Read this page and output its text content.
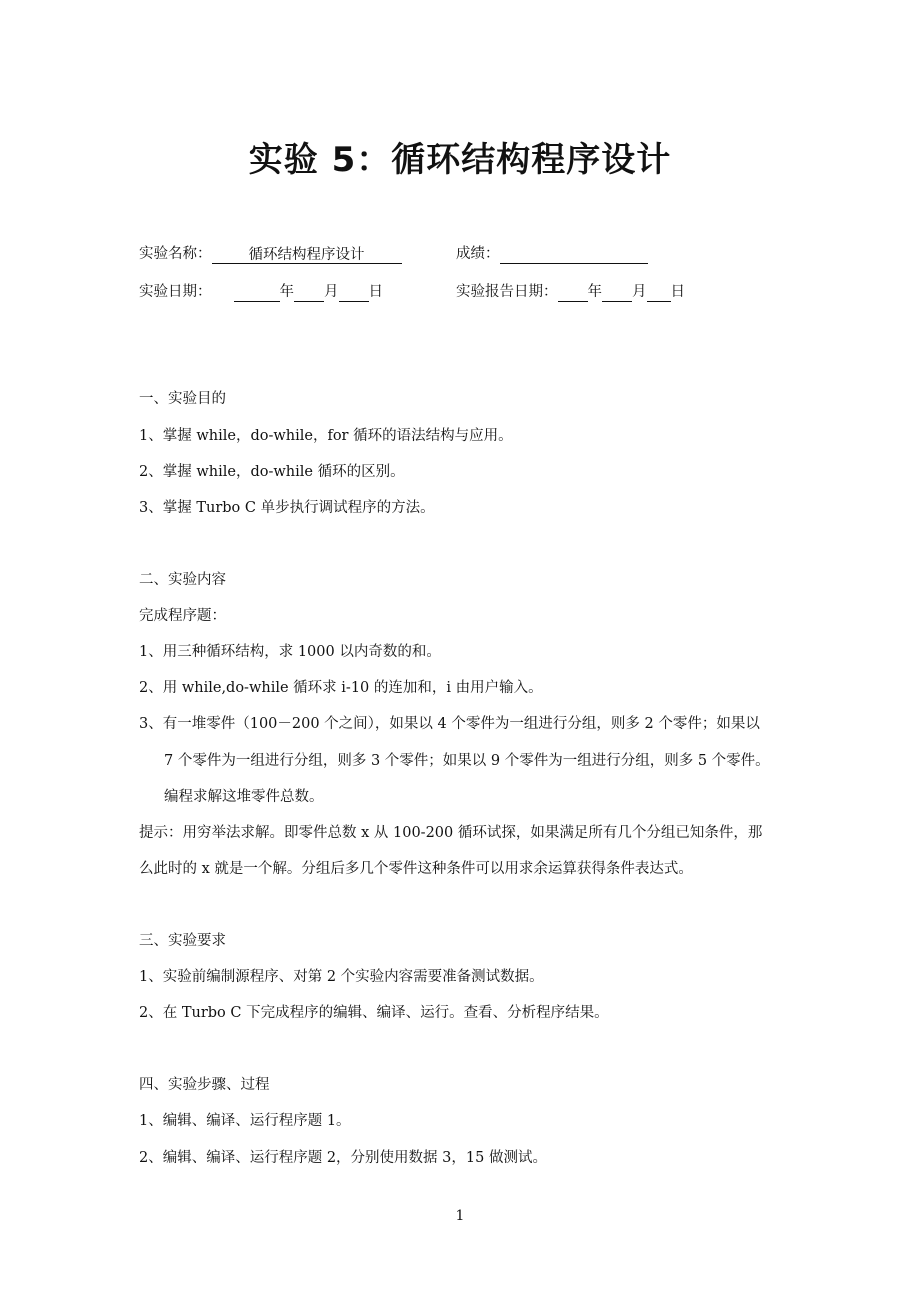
实验 5：循环结构程序设计
实验名称：	循环结构程序设计	成绩：
实验日期：	年 月 日	实验报告日期： 年 月 日
一、实验目的
1、掌握 while，do-while，for 循环的语法结构与应用。
2、掌握 while，do-while 循环的区别。
3、掌握 Turbo C 单步执行调试程序的方法。
二、实验内容
完成程序题：
1、用三种循环结构，求 1000 以内奇数的和。
2、用 while,do-while 循环求 i-10 的连加和，i 由用户输入。
3、有一堆零件（100－200 个之间），如果以 4 个零件为一组进行分组，则多 2 个零件；如果以
7 个零件为一组进行分组，则多 3 个零件；如果以 9 个零件为一组进行分组，则多 5 个零件。
编程求解这堆零件总数。
提示：用穷举法求解。即零件总数 x 从 100-200 循环试探，如果满足所有几个分组已知条件，那
么此时的 x 就是一个解。分组后多几个零件这种条件可以用求余运算获得条件表达式。
三、实验要求
1、实验前编制源程序、对第 2 个实验内容需要准备测试数据。
2、在 Turbo C 下完成程序的编辑、编译、运行。查看、分析程序结果。
四、实验步骤、过程
1、编辑、编译、运行程序题 1。
2、编辑、编译、运行程序题 2，分别使用数据 3，15 做测试。
1
